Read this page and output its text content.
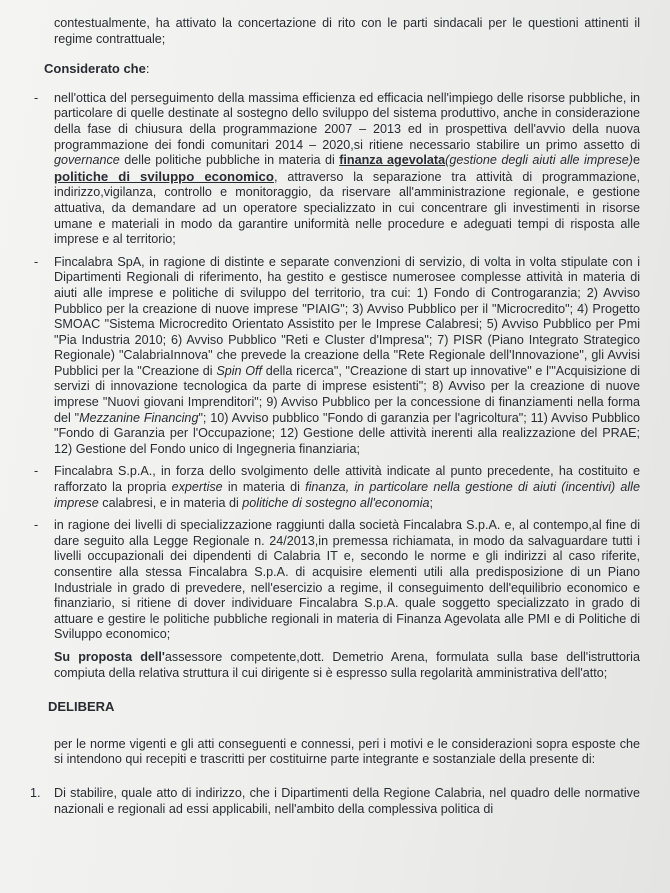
contestualmente, ha attivato la concertazione di rito con le parti sindacali per le questioni attinenti il regime contrattuale;

Considerato che:
- nell'ottica del perseguimento della massima efficienza ed efficacia nell'impiego delle risorse pubbliche, in particolare di quelle destinate al sostegno dello sviluppo del sistema produttivo, anche in considerazione della fase di chiusura della programmazione 2007 – 2013 ed in prospettiva dell'avvio della nuova programmazione dei fondi comunitari 2014 – 2020,si ritiene necessario stabilire un primo assetto di governance delle politiche pubbliche in materia di finanza agevolata(gestione degli aiuti alle imprese)e politiche di sviluppo economico, attraverso la separazione tra attività di programmazione, indirizzo,vigilanza, controllo e monitoraggio, da riservare all'amministrazione regionale, e gestione attuativa, da demandare ad un operatore specializzato in cui concentrare gli investimenti in risorse umane e materiali in modo da garantire uniformità nelle procedure e adeguati tempi di risposta alle imprese e al territorio;
- Fincalabra SpA, in ragione di distinte e separate convenzioni di servizio, di volta in volta stipulate con i Dipartimenti Regionali di riferimento, ha gestito e gestisce numerosee complesse attività in materia di aiuti alle imprese e politiche di sviluppo del territorio, tra cui: 1) Fondo di Controgaranzia; 2) Avviso Pubblico per la creazione di nuove imprese "PIAIG"; 3) Avviso Pubblico per il "Microcredito"; 4) Progetto SMOAC "Sistema Microcredito Orientato Assistito per le Imprese Calabresi; 5) Avviso Pubblico per Pmi "Pia Industria 2010; 6) Avviso Pubblico "Reti e Cluster d'Impresa"; 7) PISR (Piano Integrato Strategico Regionale) "CalabriaInnova" che prevede la creazione della "Rete Regionale dell'Innovazione", gli Avvisi Pubblici per la "Creazione di Spin Off della ricerca", "Creazione di start up innovative" e l'"Acquisizione di servizi di innovazione tecnologica da parte di imprese esistenti"; 8) Avviso per la creazione di nuove imprese "Nuovi giovani Imprenditori"; 9) Avviso Pubblico per la concessione di finanziamenti nella forma del "Mezzanine Financing"; 10) Avviso pubblico "Fondo di garanzia per l'agricoltura"; 11) Avviso Pubblico "Fondo di Garanzia per l'Occupazione; 12) Gestione delle attività inerenti alla realizzazione del PRAE; 12) Gestione del Fondo unico di Ingegneria finanziaria;
- Fincalabra S.p.A., in forza dello svolgimento delle attività indicate al punto precedente, ha costituito e rafforzato la propria expertise in materia di finanza, in particolare nella gestione di aiuti (incentivi) alle imprese calabresi, e in materia di politiche di sostegno all'economia;
- in ragione dei livelli di specializzazione raggiunti dalla società Fincalabra S.p.A. e, al contempo,al fine di dare seguito alla Legge Regionale n. 24/2013,in premessa richiamata, in modo da salvaguardare tutti i livelli occupazionali dei dipendenti di Calabria IT e, secondo le norme e gli indirizzi al caso riferite, consentire alla stessa Fincalabra S.p.A. di acquisire elementi utili alla predisposizione di un Piano Industriale in grado di prevedere, nell'esercizio a regime, il conseguimento dell'equilibrio economico e finanziario, si ritiene di dover individuare Fincalabra S.p.A. quale soggetto specializzato in grado di attuare e gestire le politiche pubbliche regionali in materia di Finanza Agevolata alle PMI e di Politiche di Sviluppo economico;

Su proposta dell'assessore competente,dott. Demetrio Arena, formulata sulla base dell'istruttoria compiuta della relativa struttura il cui dirigente si è espresso sulla regolarità amministrativa dell'atto;

DELIBERA

per le norme vigenti e gli atti conseguenti e connessi, peri i motivi e le considerazioni sopra esposte che si intendono qui recepiti e trascritti per costituirne parte integrante e sostanziale della presente di:

1. Di stabilire, quale atto di indirizzo, che i Dipartimenti della Regione Calabria, nel quadro delle normative nazionali e regionali ad essi applicabili, nell'ambito della complessiva politica di
